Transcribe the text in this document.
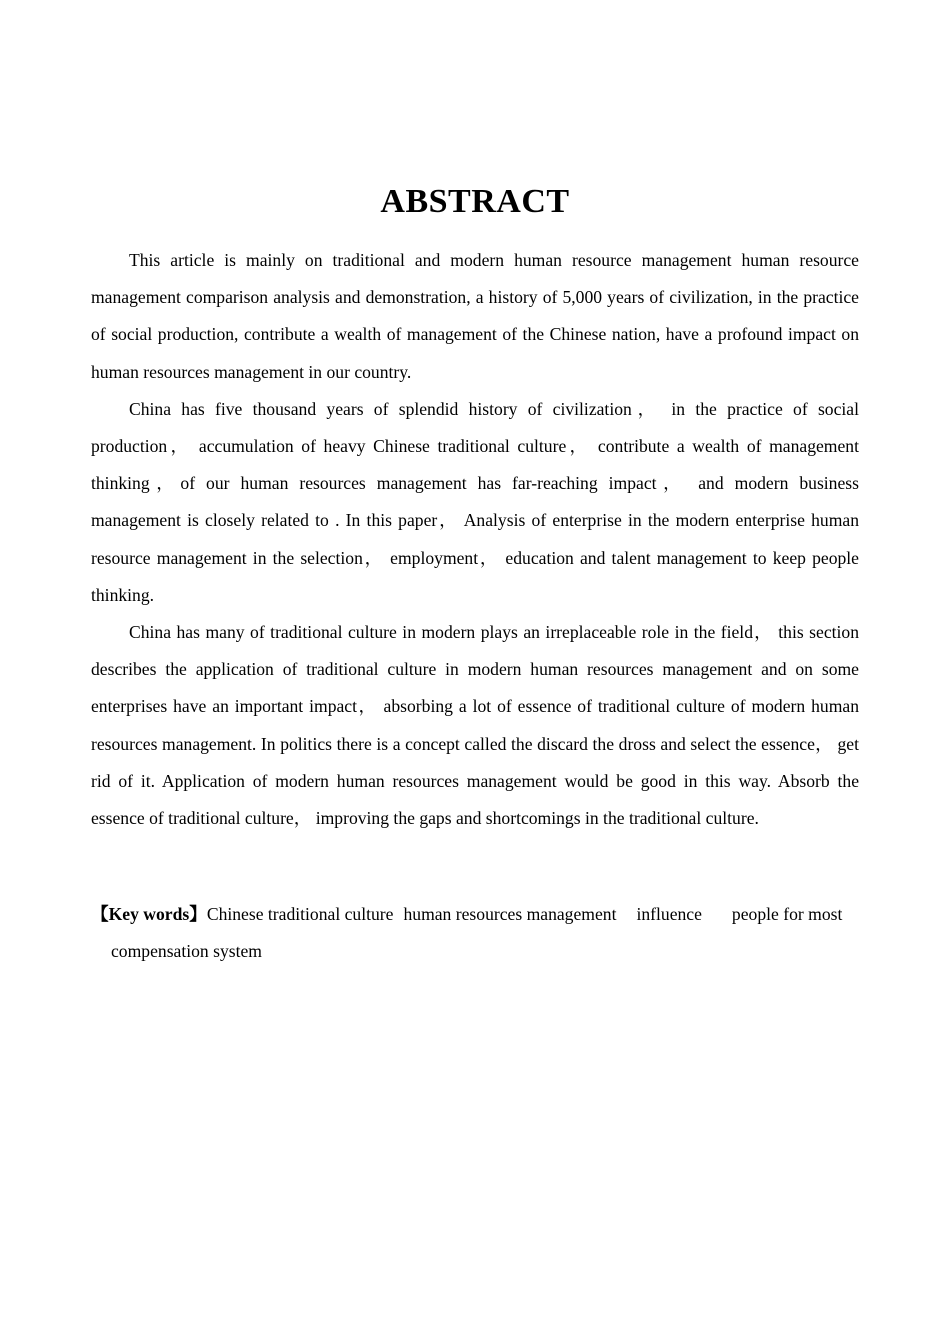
ABSTRACT

This article is mainly on traditional and modern human resource management human resource management comparison analysis and demonstration, a history of 5,000 years of civilization, in the practice of social production, contribute a wealth of management of the Chinese nation, have a profound impact on human resources management in our country.

China has five thousand years of splendid history of civilization， in the practice of social production， accumulation of heavy Chinese traditional culture， contribute a wealth of management thinking，of our human resources management has far-reaching impact， and modern business management is closely related to . In this paper， Analysis of enterprise in the modern enterprise human resource management in the selection， employment， education and talent management to keep people thinking.

China has many of traditional culture in modern plays an irreplaceable role in the field， this section describes the application of traditional culture in modern human resources management and on some enterprises have an important impact， absorbing a lot of essence of traditional culture of modern human resources management. In politics there is a concept called the discard the dross and select the essence， get rid of it. Application of modern human resources management would be good in this way. Absorb the essence of traditional culture， improving the gaps and shortcomings in the traditional culture.

【Key words】Chinese traditional culture human resources management influence people for mostcompensation system
